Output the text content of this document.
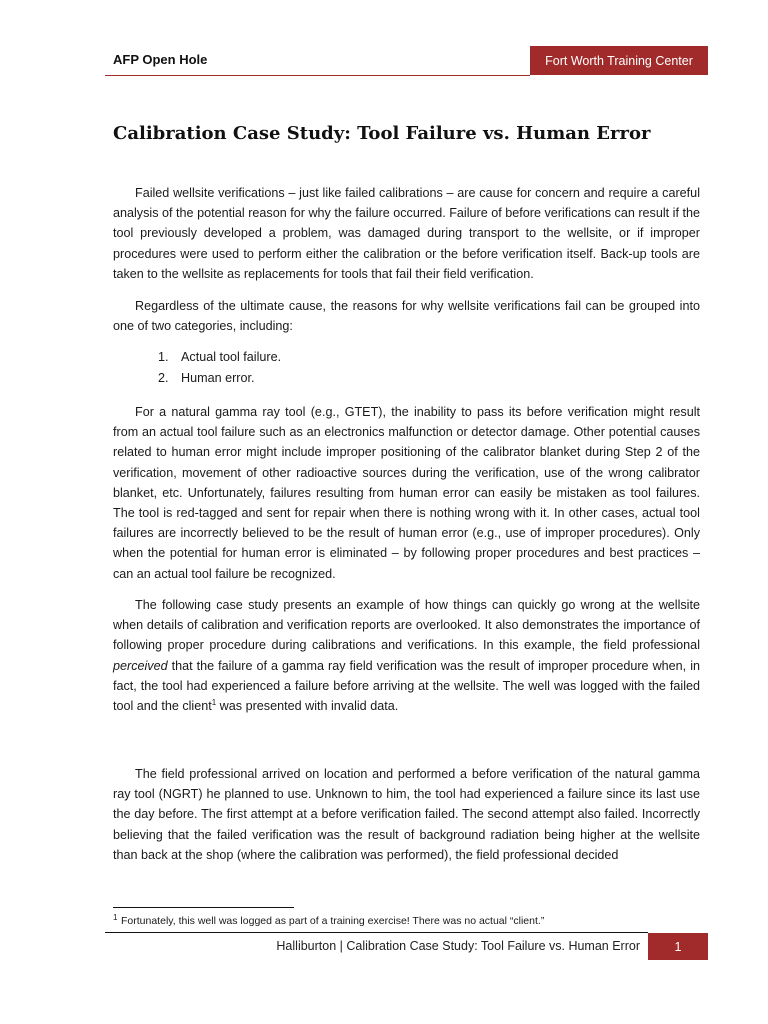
AFP Open Hole	Fort Worth Training Center
Calibration Case Study: Tool Failure vs. Human Error

Failed wellsite verifications – just like failed calibrations – are cause for concern and require a careful analysis of the potential reason for why the failure occurred. Failure of before verifications can result if the tool previously developed a problem, was damaged during transport to the wellsite, or if improper procedures were used to perform either the calibration or the before verification itself. Back-up tools are taken to the wellsite as replacements for tools that fail their field verification.

Regardless of the ultimate cause, the reasons for why wellsite verifications fail can be grouped into one of two categories, including:

1. Actual tool failure.
2. Human error.

For a natural gamma ray tool (e.g., GTET), the inability to pass its before verification might result from an actual tool failure such as an electronics malfunction or detector damage. Other potential causes related to human error might include improper positioning of the calibrator blanket during Step 2 of the verification, movement of other radioactive sources during the verification, use of the wrong calibrator blanket, etc. Unfortunately, failures resulting from human error can easily be mistaken as tool failures. The tool is red-tagged and sent for repair when there is nothing wrong with it. In other cases, actual tool failures are incorrectly believed to be the result of human error (e.g., use of improper procedures). Only when the potential for human error is eliminated – by following proper procedures and best practices – can an actual tool failure be recognized.

The following case study presents an example of how things can quickly go wrong at the wellsite when details of calibration and verification reports are overlooked. It also demonstrates the importance of following proper procedure during calibrations and verifications. In this example, the field professional perceived that the failure of a gamma ray field verification was the result of improper procedure when, in fact, the tool had experienced a failure before arriving at the wellsite. The well was logged with the failed tool and the client$^1$ was presented with invalid data.

The field professional arrived on location and performed a before verification of the natural gamma ray tool (NGRT) he planned to use. Unknown to him, the tool had experienced a failure since its last use the day before. The first attempt at a before verification failed. The second attempt also failed. Incorrectly believing that the failed verification was the result of background radiation being higher at the wellsite than back at the shop (where the calibration was performed), the field professional decided

$^1$ Fortunately, this well was logged as part of a training exercise! There was no actual “client.”

Halliburton | Calibration Case Study: Tool Failure vs. Human Error	1
